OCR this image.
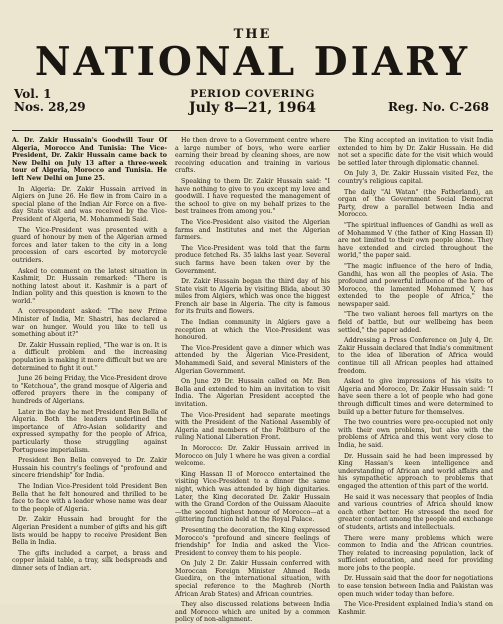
THE
NATIONAL DIARY
Vol. 1
Nos. 28,29
PERIOD COVERING
July 8—21, 1964	Reg. No. C-268

A. Dr. Zakir Hussain's Goodwill Tour Of Algeria, Morocco And Tunisia: The Vice-President, Dr. Zakir Hussain came back to New Delhi on July 13 after a three-week tour of Algeria, Morocco and Tunisia. He left New Delhi on June 25.

In Algeria: Dr. Zakir Hussain arrived in Algiers on June 26. He flew in from Cairo in a special plane of the Indian Air Force on a five-day State visit and was received by the Vice-President of Algeria, M. Mohammedi Said.

The Vice-President was presented with a guard of honour by men of the Algerian armed forces and later taken to the city in a long procession of cars escorted by motorcycle outriders.

Asked to comment on the latest situation in Kashmir, Dr. Hussain remarked: "There is nothing latest about it. Kashmir is a part of Indian polity and this question is known to the world."

A correspondent asked: "The new Prime Minister of India, Mr. Shastri, has declared a war on hunger. Would you like to tell us something about it?"

Dr. Zakir Hussain replied, "The war is on. It is a difficult problem and the increasing population is making it more difficult but we are determined to fight it out."

June 26 being Friday, the Vice-President drove to "Ketchoua", the grand mosque of Algeria and offered prayers there in the company of hundreds of Algerians.

Later in the day he met President Ben Bella of Algeria. Both the leaders underlined the importance of Afro-Asian solidarity and expressed sympathy for the people of Africa, particularly those struggling against Portuguese imperialism.

President Ben Bella conveyed to Dr. Zakir Hussain his country's feelings of "profound and sincere friendship" for India.

The Indian Vice-President told President Ben Bella that he felt honoured and thrilled to be face to face with a leader whose name was dear to the people of Algeria.

Dr. Zakir Hussain had brought for the Algerian President a number of gifts and his gift lists would be happy to receive President Ben Bella in India.

The gifts included a carpet, a brass and copper inlaid table, a tray, silk bedspreads and dinner sets of Indian art.

He then drove to a Government centre where a large number of boys, who were earlier earning their bread by cleaning shoes, are now receiving education and training in various crafts.

Speaking to them Dr. Zakir Hussain said: "I have nothing to give to you except my love and goodwill. I have requested the management of the school to give on my behalf prizes to the best trainees from among you."

The Vice-President also visited the Algerian farms and Institutes and met the Algerian farmers.

The Vice-President was told that the farm produce fetched Rs. 35 lakhs last year. Several such farms have been taken over by the Government.

Dr. Zakir Hussain began the third day of his State visit to Algeria by visiting Blida, about 30 miles from Algiers, which was once the biggest French air base in Algeria. The city is famous for its fruits and flowers.

The Indian community in Algiers gave a reception at which the Vice-President was honoured.

The Vice-President gave a dinner which was attended by the Algerian Vice-President, Mohammedi Said, and several Ministers of the Algerian Government.

On June 29 Dr. Hussain called on Mr. Ben Bella and extended to him an invitation to visit India. The Algerian President accepted the invitation.

The Vice-President had separate meetings with the President of the National Assembly of Algeria and members of the Politburo of the ruling National Liberation Front.

In Morocco: Dr. Zakir Hussain arrived in Morocco on July 1 where he was given a cordial welcome.

King Hassan II of Morocco entertained the visiting Vice-President to a dinner the same night, which was attended by high dignitaries. Later, the King decorated Dr. Zakir Hussain with the Grand Cordon of the Ouissam Alaouite—the second highest honour of Morocco—at a glittering function held at the Royal Palace.

Presenting the decoration, the King expressed Morocco's "profound and sincere feelings of friendship" for India and asked the Vice-President to convey them to his people.

On July 2 Dr. Zakir Hussain conferred with Moroccan Foreign Minister Ahmed Reda Guedira, on the international situation, with special reference to the Maghreb (North African Arab States) and African countries.

They also discussed relations between India and Morocco which are united by a common policy of non-alignment.

The King accepted an invitation to visit India extended to him by Dr. Zakir Hussain. He did not set a specific date for the visit which would be settled later through diplomatic channel.

On July 3, Dr. Zakir Hussain visited Fez, the country's religious capital.

The daily "Al Watan" (the Fatherland), an organ of the Government Social Democrat Party, drew a parallel between India and Morocco.

"The spiritual influences of Gandhi as well as of Mohammed V (the father of King Hassan II) are not limited to their own people alone. They have extended and circled throughout the world," the paper said.

"The magic influence of the hero of India, Gandhi, has won all the peoples of Asia. The profound and powerful influence of the hero of Morocco, the lamented Mohammed V, has extended to the people of Africa," the newspaper said.

"The two valiant heroes fell martyrs on the field of battle, but our wellbeing has been settled," the paper added.

Addressing a Press Conference on July 4, Dr. Zakir Hussain declared that India's commitment to the idea of liberation of Africa would continue till all African peoples had attained freedom.

Asked to give impressions of his visits to Algeria and Morocco, Dr. Zakir Hussain said: "I have seen there a lot of people who had gone through difficult times and were determined to build up a better future for themselves.

The two countries were pre-occupied not only with their own problems, but also with the problems of Africa and this went very close to India, he said.

Dr. Hussain said he had been impressed by King Hassan's keen intelligence and understanding of African and world affairs and his sympathetic approach to problems that engaged the attention of this part of the world.

He said it was necessary that peoples of India and various countries of Africa should know each other better. He stressed the need for greater contact among the people and exchange of students, artists and intellectuals.

There were many problems which were common to India and the African countries. They related to increasing population, lack of sufficient education, and need for providing more jobs to the people.

Dr. Hussain said that the door for negotiations to ease tension between India and Pakistan was open much wider today than before.

The Vice-President explained India's stand on Kashmir.
